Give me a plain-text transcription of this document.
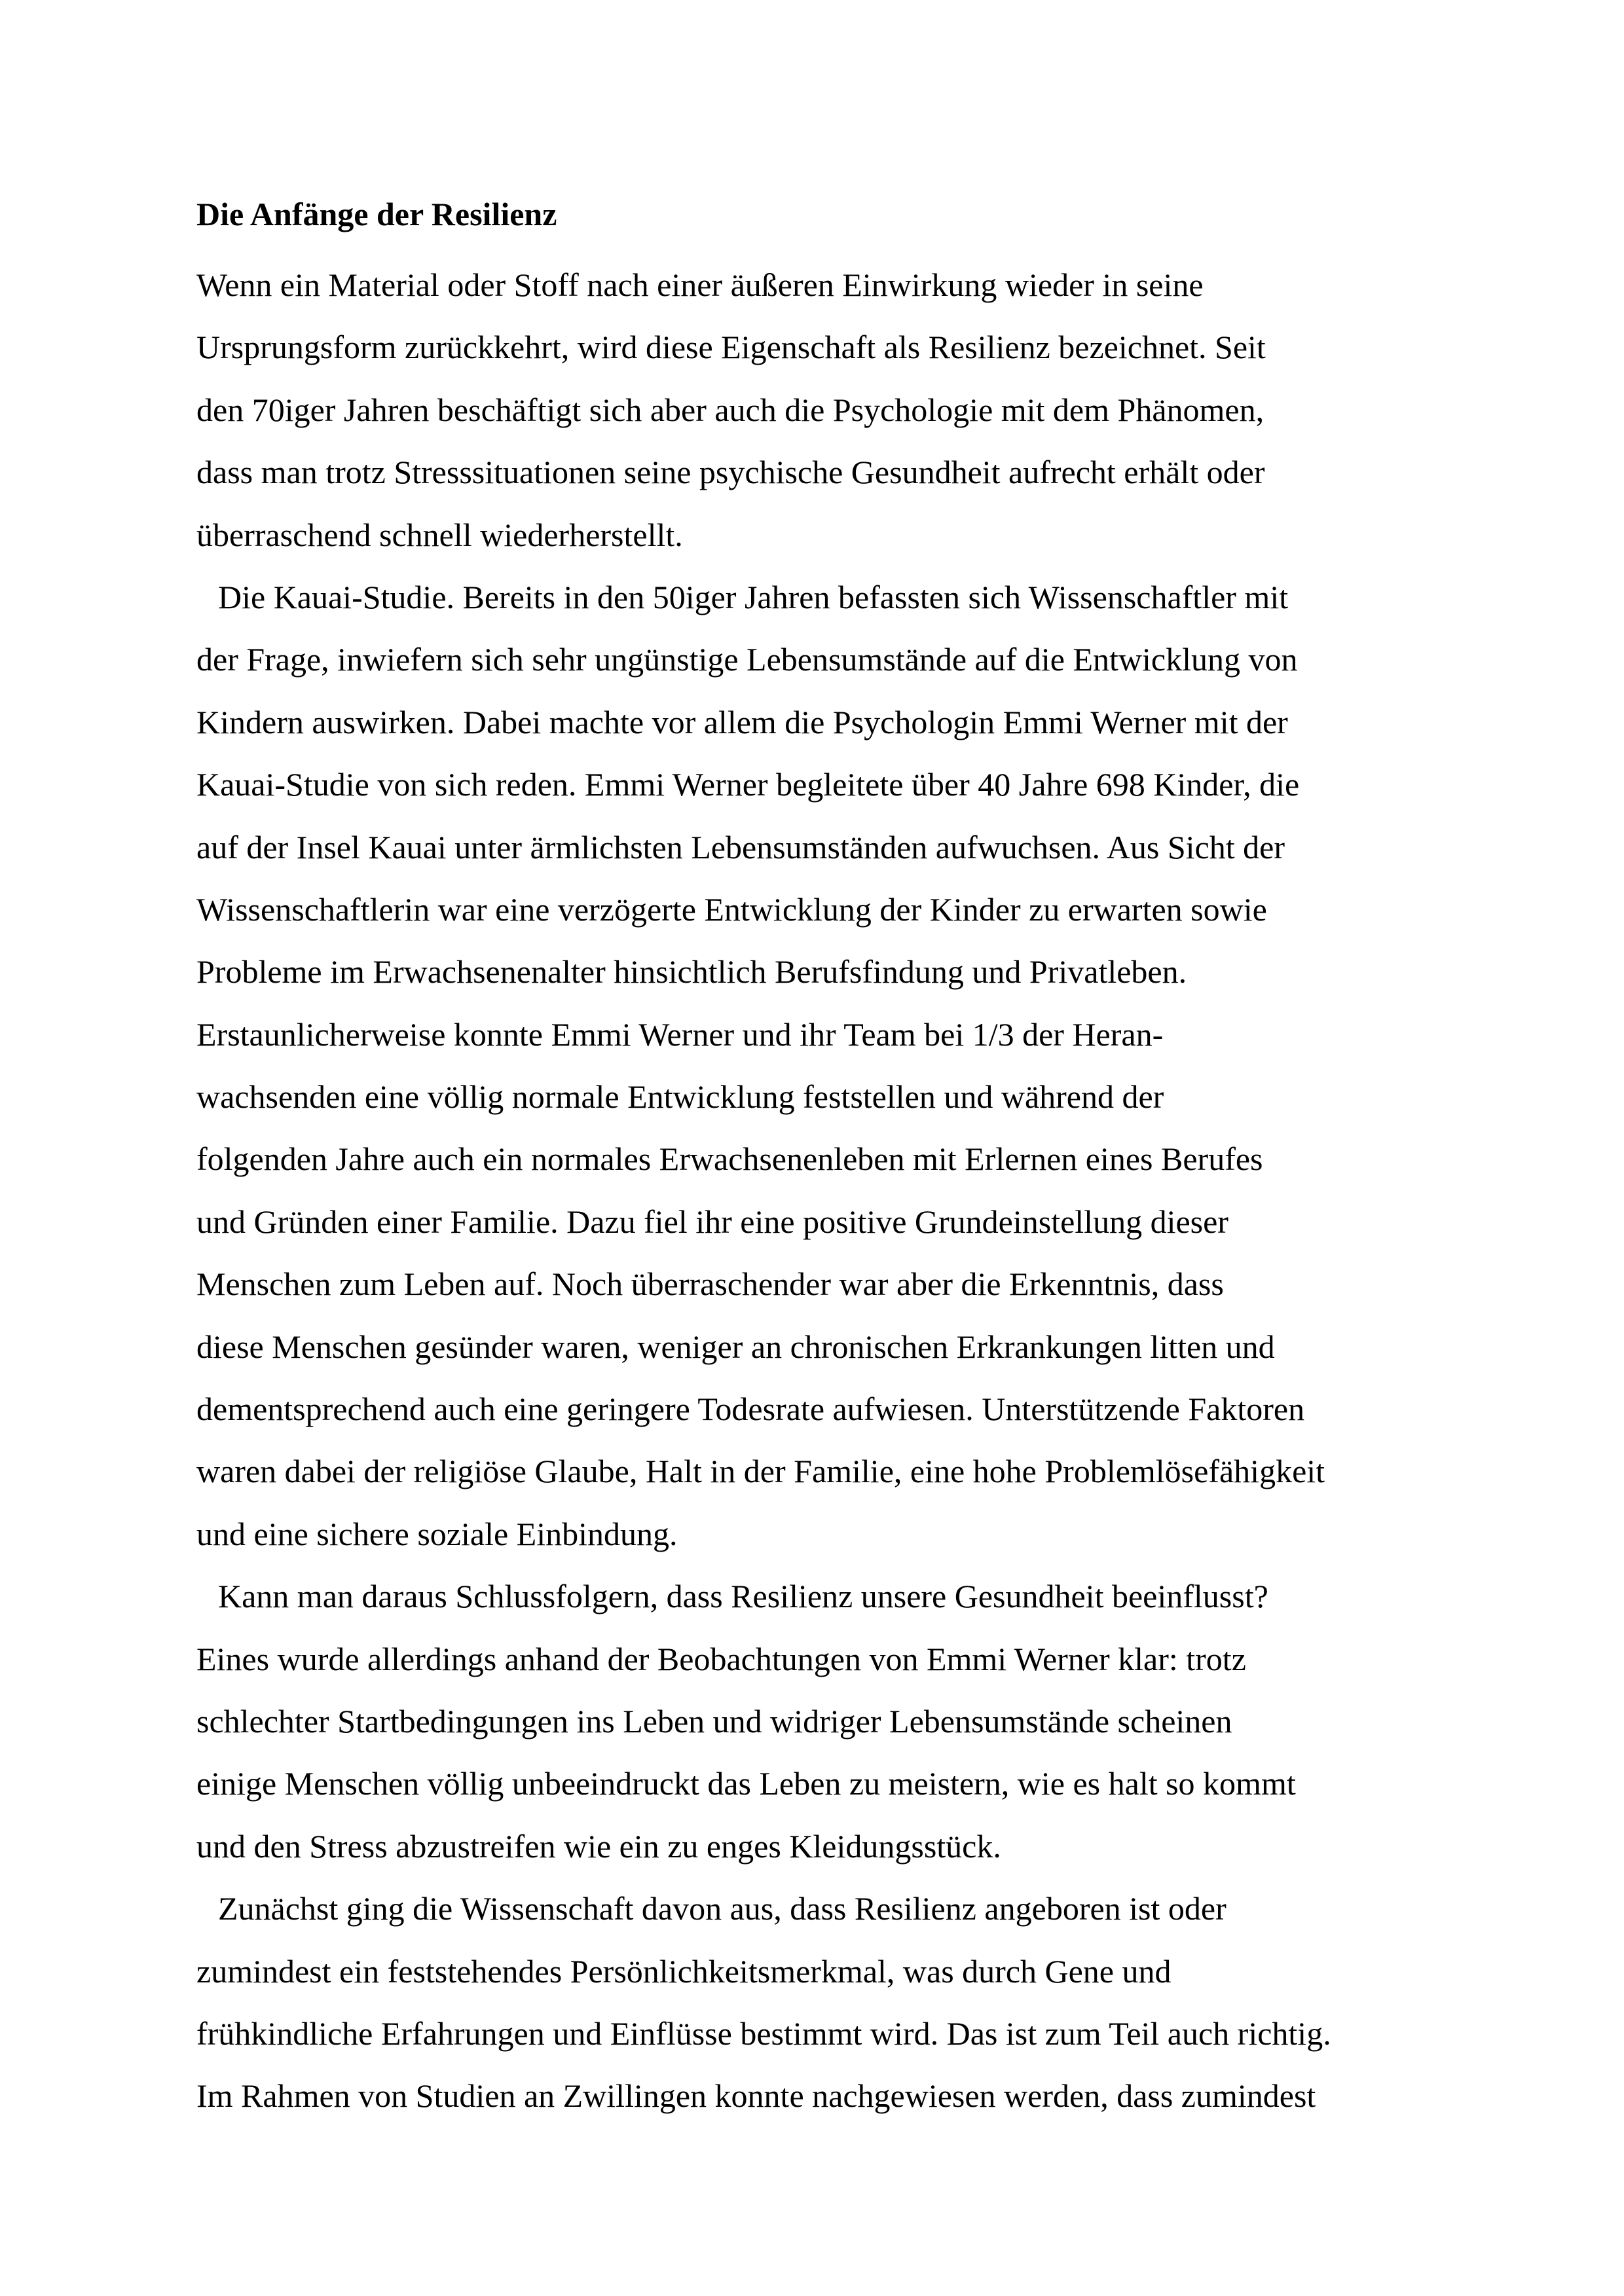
Die Anfänge der Resilienz

Wenn ein Material oder Stoff nach einer äußeren Einwirkung wieder in seine
Ursprungsform zurückkehrt, wird diese Eigenschaft als Resilienz bezeichnet. Seit
den 70iger Jahren beschäftigt sich aber auch die Psychologie mit dem Phänomen,
dass man trotz Stresssituationen seine psychische Gesundheit aufrecht erhält oder
überraschend schnell wiederherstellt.

Die Kauai-Studie. Bereits in den 50iger Jahren befassten sich Wissenschaftler mit
der Frage, inwiefern sich sehr ungünstige Lebensumstände auf die Entwicklung von
Kindern auswirken. Dabei machte vor allem die Psychologin Emmi Werner mit der
Kauai-Studie von sich reden. Emmi Werner begleitete über 40 Jahre 698 Kinder, die
auf der Insel Kauai unter ärmlichsten Lebensumständen aufwuchsen. Aus Sicht der
Wissenschaftlerin war eine verzögerte Entwicklung der Kinder zu erwarten sowie
Probleme im Erwachsenenalter hinsichtlich Berufsfindung und Privatleben.
Erstaunlicherweise konnte Emmi Werner und ihr Team bei 1/3 der Heran-
wachsenden eine völlig normale Entwicklung feststellen und während der
folgenden Jahre auch ein normales Erwachsenenleben mit Erlernen eines Berufes
und Gründen einer Familie. Dazu fiel ihr eine positive Grundeinstellung dieser
Menschen zum Leben auf. Noch überraschender war aber die Erkenntnis, dass
diese Menschen gesünder waren, weniger an chronischen Erkrankungen litten und
dementsprechend auch eine geringere Todesrate aufwiesen. Unterstützende Faktoren
waren dabei der religiöse Glaube, Halt in der Familie, eine hohe Problemlösefähigkeit
und eine sichere soziale Einbindung.

Kann man daraus Schlussfolgern, dass Resilienz unsere Gesundheit beeinflusst?
Eines wurde allerdings anhand der Beobachtungen von Emmi Werner klar: trotz
schlechter Startbedingungen ins Leben und widriger Lebensumstände scheinen
einige Menschen völlig unbeeindruckt das Leben zu meistern, wie es halt so kommt
und den Stress abzustreifen wie ein zu enges Kleidungsstück.

Zunächst ging die Wissenschaft davon aus, dass Resilienz angeboren ist oder
zumindest ein feststehendes Persönlichkeitsmerkmal, was durch Gene und
frühkindliche Erfahrungen und Einflüsse bestimmt wird. Das ist zum Teil auch richtig.
Im Rahmen von Studien an Zwillingen konnte nachgewiesen werden, dass zumindest
